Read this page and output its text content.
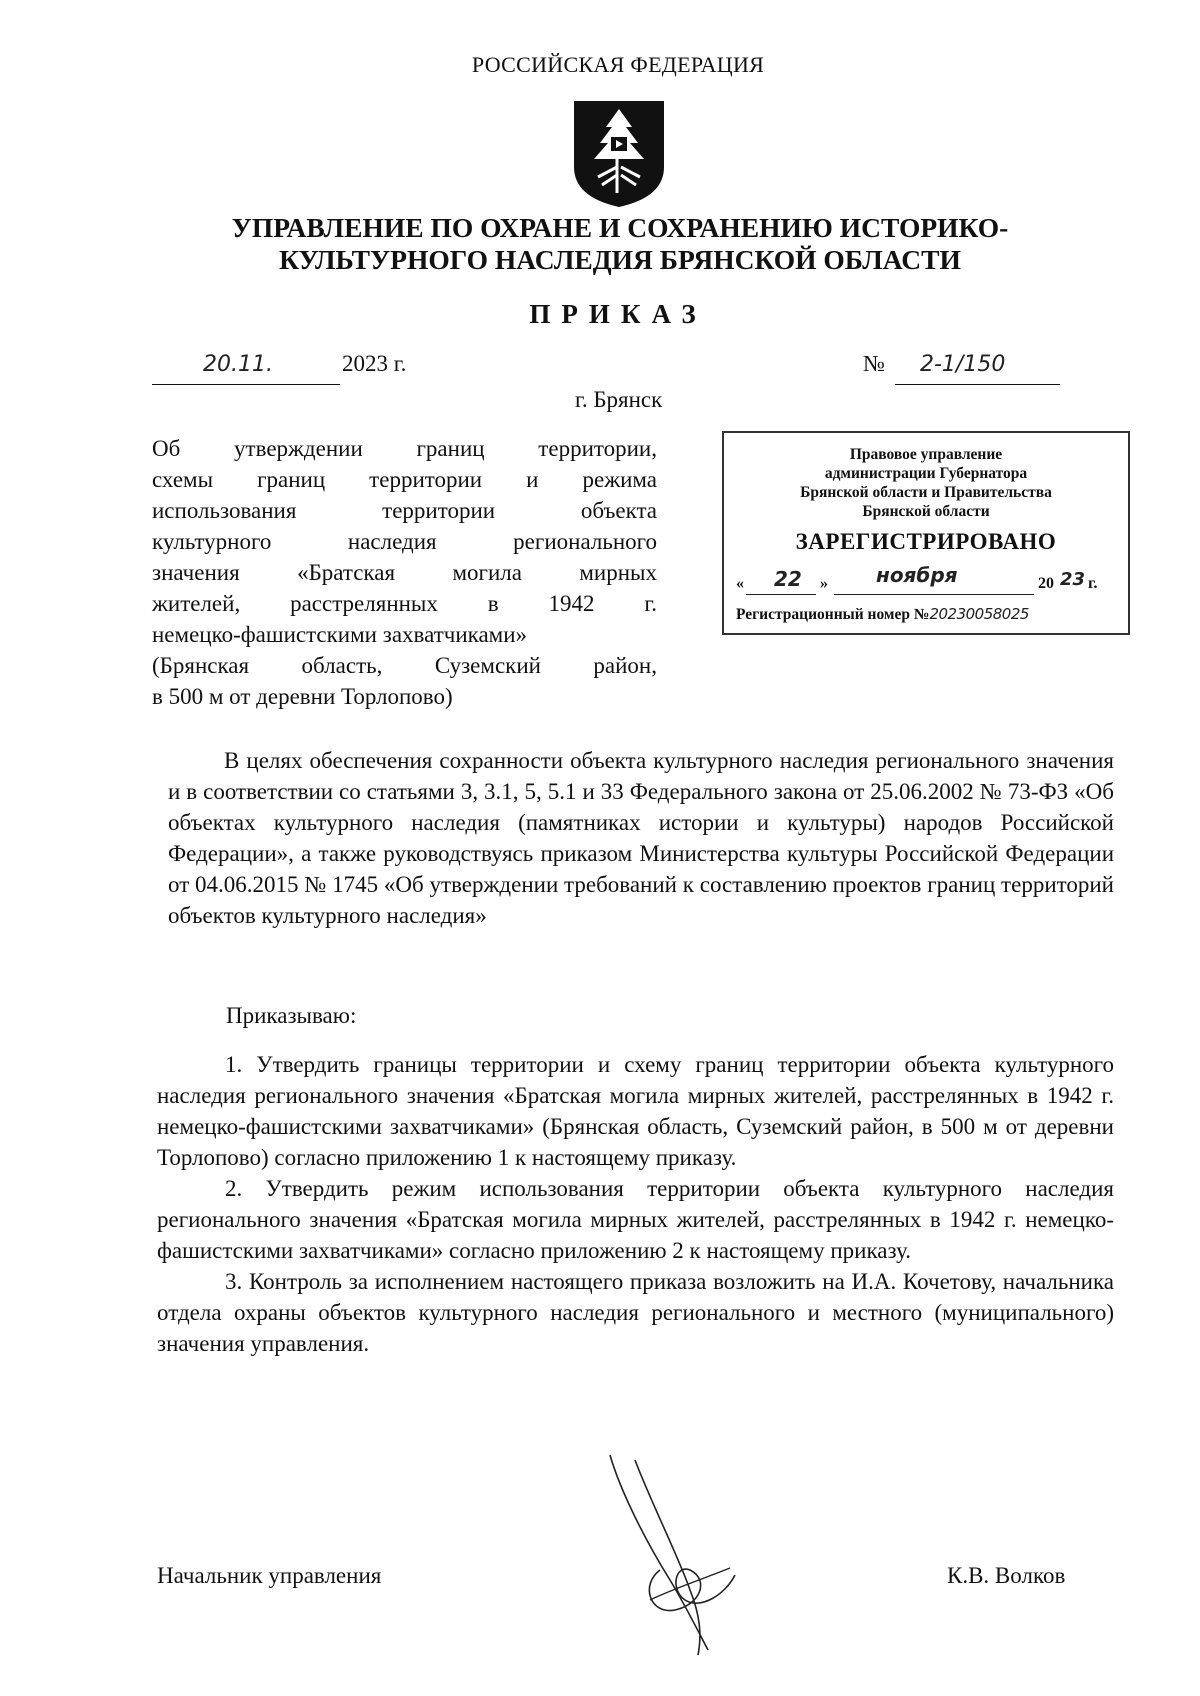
РОССИЙСКАЯ ФЕДЕРАЦИЯ
УПРАВЛЕНИЕ ПО ОХРАНЕ И СОХРАНЕНИЮ ИСТОРИКО-
КУЛЬТУРНОГО НАСЛЕДИЯ БРЯНСКОЙ ОБЛАСТИ
ПРИКАЗ
20.11.	2023 г.	№ 2-1/150
г. Брянск

Об утверждении границ территории,

схемы границ территории и режима

использования территории объекта

культурного наследия регионального

значения «Братская могила мирных

жителей, расстрелянных в 1942 г.

немецко-фашистскими захватчиками»

(Брянская область, Суземский район,

в 500 м от деревни Торлопово)

Правовое управление
администрации Губернатора
Брянской области и Правительства
Брянской области
ЗАРЕГИСТРИРОВАНО
« 22 » ноября	20 23 г.
Регистрационный номер №20230058025

В целях обеспечения сохранности объекта культурного наследия регионального значения и в соответствии со статьями 3, 3.1, 5, 5.1 и 33 Федерального закона от 25.06.2002 № 73-ФЗ «Об объектах культурного наследия (памятниках истории и культуры) народов Российской Федерации», а также руководствуясь приказом Министерства культуры Российской Федерации от 04.06.2015 № 1745 «Об утверждении требований к составлению проектов границ территорий объектов культурного наследия»

Приказываю:

1. Утвердить границы территории и схему границ территории объекта культурного наследия регионального значения «Братская могила мирных жителей, расстрелянных в 1942 г. немецко-фашистскими захватчиками» (Брянская область, Суземский район, в 500 м от деревни Торлопово) согласно приложению 1 к настоящему приказу.

2. Утвердить режим использования территории объекта культурного наследия регионального значения «Братская могила мирных жителей, расстрелянных в 1942 г. немецко-фашистскими захватчиками» согласно приложению 2 к настоящему приказу.

3. Контроль за исполнением настоящего приказа возложить на И.А. Кочетову, начальника отдела охраны объектов культурного наследия регионального и местного (муниципального) значения управления.

Начальник управления	К.В. Волков
